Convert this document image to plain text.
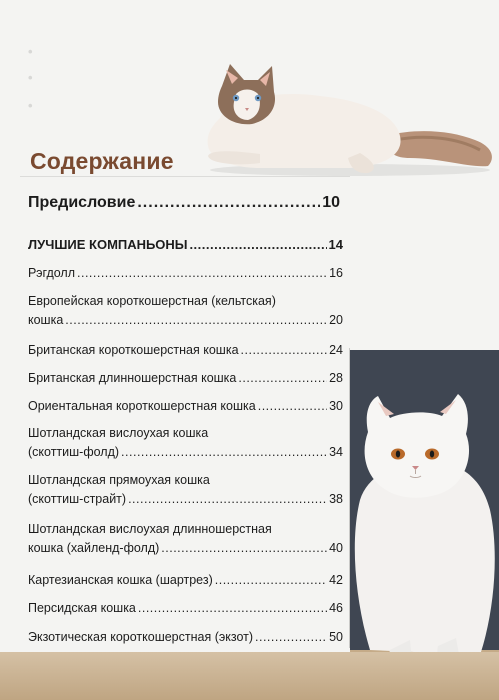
•
•
•
Содержание
Предисловие .....	10
ЛУЧШИЕ КОМПАНЬОНЫ .....	14
Рэгдолл .....	16
Европейская короткошерстная (кельтская)
кошка .....	20
Британская короткошерстная кошка .....	24
Британская длинношерстная кошка .....	28
Ориентальная короткошерстная кошка .....	30
Шотландская вислоухая кошка
(скоттиш-фолд) .....	34
Шотландская прямоухая кошка
(скоттиш-страйт) .....	38
Шотландская вислоухая длинношерстная
кошка (хайленд-фолд) .....	40
Картезианская кошка (шартрез) .....	42
Персидская кошка .....	46
Экзотическая короткошерстная (экзот) .....	50
